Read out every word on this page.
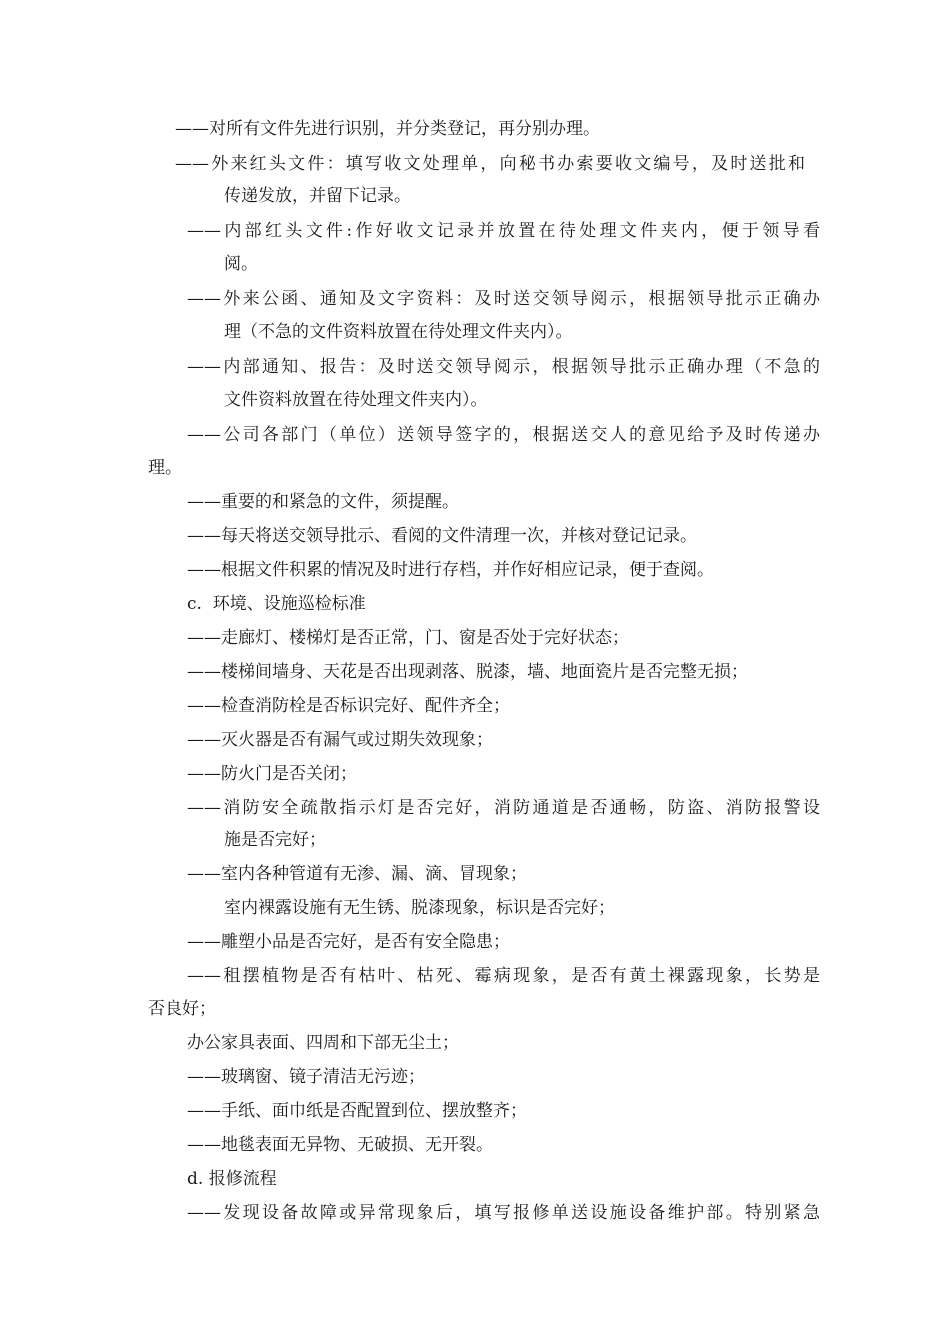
——对所有文件先进行识别，并分类登记，再分别办理。
——外来红头文件：填写收文处理单，向秘书办索要收文编号，及时送批和
传递发放，并留下记录。
——内部红头文件:作好收文记录并放置在待处理文件夹内，便于领导看
阅。
——外来公函、通知及文字资料：及时送交领导阅示，根据领导批示正确办
理（不急的文件资料放置在待处理文件夹内）。
——内部通知、报告：及时送交领导阅示，根据领导批示正确办理（不急的
文件资料放置在待处理文件夹内）。
——公司各部门（单位）送领导签字的，根据送交人的意见给予及时传递办
理。
——重要的和紧急的文件，须提醒。
——每天将送交领导批示、看阅的文件清理一次，并核对登记记录。
——根据文件积累的情况及时进行存档，并作好相应记录，便于查阅。
c.  环境、设施巡检标准
——走廊灯、楼梯灯是否正常，门、窗是否处于完好状态；
——楼梯间墙身、天花是否出现剥落、脱漆，墙、地面瓷片是否完整无损；
——检查消防栓是否标识完好、配件齐全；
——灭火器是否有漏气或过期失效现象；
——防火门是否关闭；
——消防安全疏散指示灯是否完好，消防通道是否通畅，防盗、消防报警设
施是否完好；
——室内各种管道有无渗、漏、滴、冒现象；
室内裸露设施有无生锈、脱漆现象，标识是否完好；
——雕塑小品是否完好，是否有安全隐患；
——租摆植物是否有枯叶、枯死、霉病现象，是否有黄土裸露现象，长势是
否良好；
办公家具表面、四周和下部无尘土；
——玻璃窗、镜子清洁无污迹；
——手纸、面巾纸是否配置到位、摆放整齐；
——地毯表面无异物、无破损、无开裂。
d. 报修流程
——发现设备故障或异常现象后，填写报修单送设施设备维护部。特别紧急
